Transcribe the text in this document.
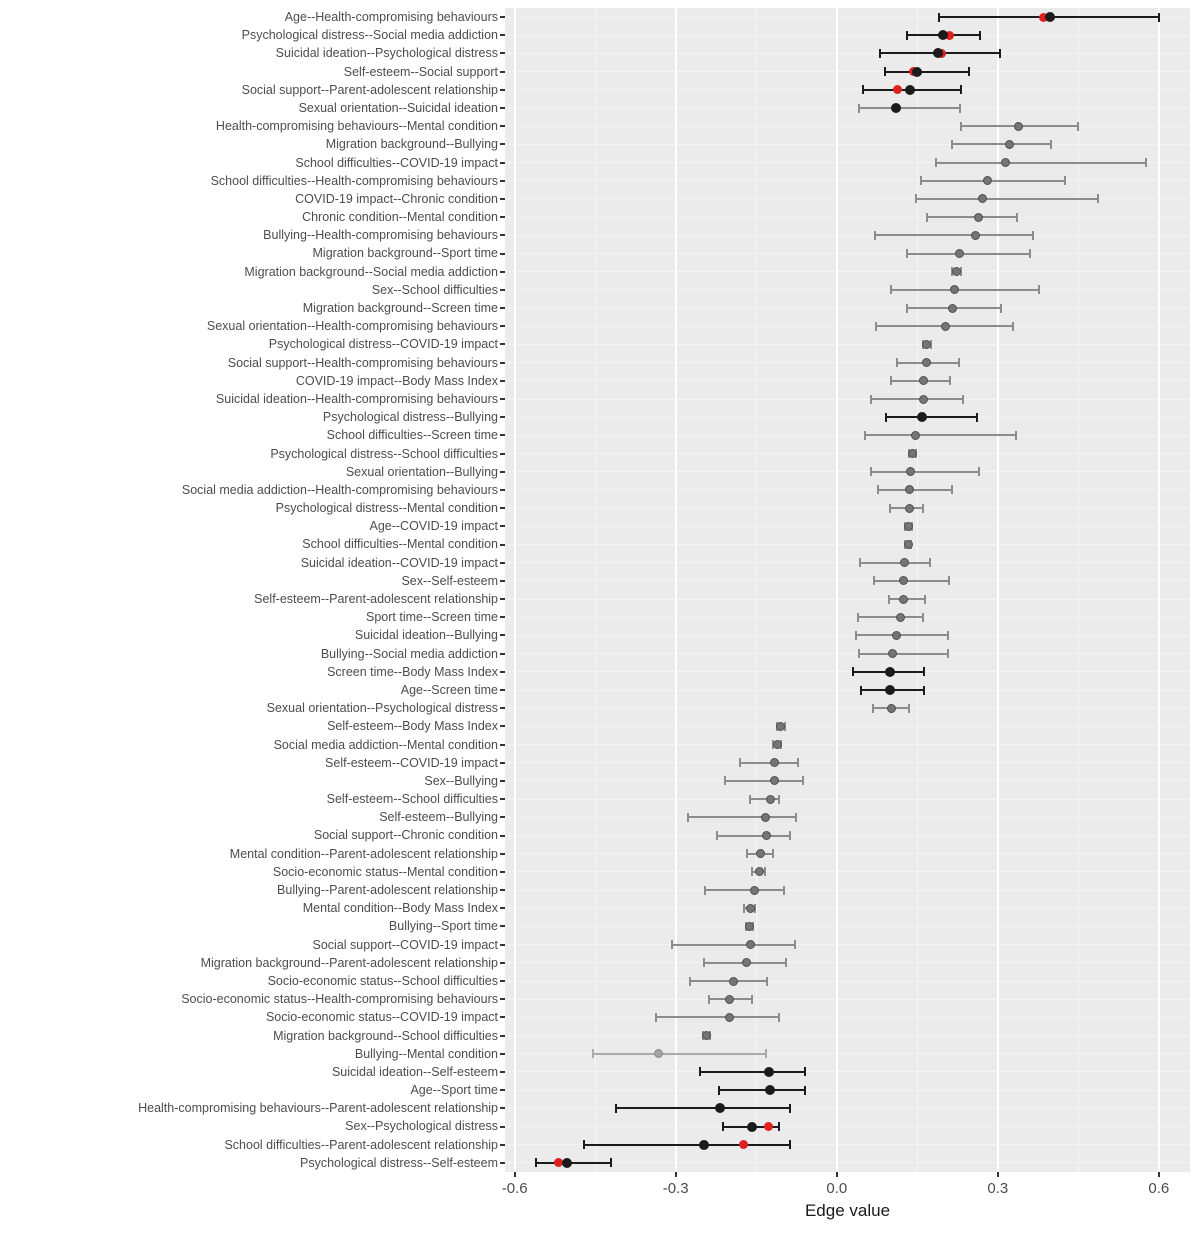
Age--Health-compromising behaviours
Psychological distress--Social media addiction
Suicidal ideation--Psychological distress
Self-esteem--Social support
Social support--Parent-adolescent relationship
Sexual orientation--Suicidal ideation
Health-compromising behaviours--Mental condition
Migration background--Bullying
School difficulties--COVID-19 impact
School difficulties--Health-compromising behaviours
COVID-19 impact--Chronic condition
Chronic condition--Mental condition
Bullying--Health-compromising behaviours
Migration background--Sport time
Migration background--Social media addiction
Sex--School difficulties
Migration background--Screen time
Sexual orientation--Health-compromising behaviours
Psychological distress--COVID-19 impact
Social support--Health-compromising behaviours
COVID-19 impact--Body Mass Index
Suicidal ideation--Health-compromising behaviours
Psychological distress--Bullying
School difficulties--Screen time
Psychological distress--School difficulties
Sexual orientation--Bullying
Social media addiction--Health-compromising behaviours
Psychological distress--Mental condition
Age--COVID-19 impact
School difficulties--Mental condition
Suicidal ideation--COVID-19 impact
Sex--Self-esteem
Self-esteem--Parent-adolescent relationship
Sport time--Screen time
Suicidal ideation--Bullying
Bullying--Social media addiction
Screen time--Body Mass Index
Age--Screen time
Sexual orientation--Psychological distress
Self-esteem--Body Mass Index
Social media addiction--Mental condition
Self-esteem--COVID-19 impact
Sex--Bullying
Self-esteem--School difficulties
Self-esteem--Bullying
Social support--Chronic condition
Mental condition--Parent-adolescent relationship
Socio-economic status--Mental condition
Bullying--Parent-adolescent relationship
Mental condition--Body Mass Index
Bullying--Sport time
Social support--COVID-19 impact
Migration background--Parent-adolescent relationship
Socio-economic status--School difficulties
Socio-economic status--Health-compromising behaviours
Socio-economic status--COVID-19 impact
Migration background--School difficulties
Bullying--Mental condition
Suicidal ideation--Self-esteem
Age--Sport time
Health-compromising behaviours--Parent-adolescent relationship
Sex--Psychological distress
School difficulties--Parent-adolescent relationship
Psychological distress--Self-esteem
-0.6	-0.3	0.0	0.3	0.6
Edge value
